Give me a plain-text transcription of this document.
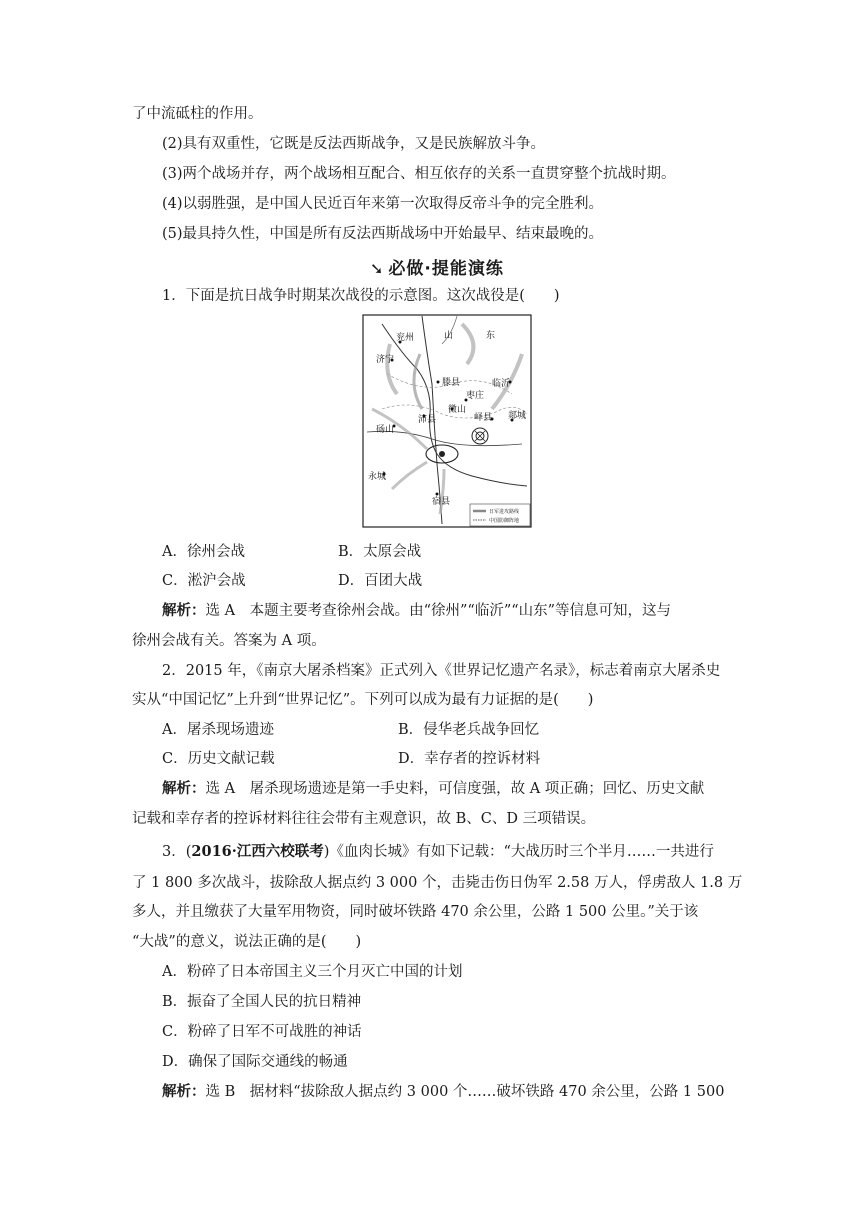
了中流砥柱的作用。
(2)具有双重性，它既是反法西斯战争，又是民族解放斗争。
(3)两个战场并存，两个战场相互配合、相互依存的关系一直贯穿整个抗战时期。
(4)以弱胜强，是中国人民近百年来第一次取得反帝斗争的完全胜利。
(5)最具持久性，中国是所有反法西斯战场中开始最早、结束最晚的。
➘ 必做·提能演练
1．下面是抗日战争时期某次战役的示意图。这次战役是(　　)
兖州	山	东
济宁
滕县	临沂
枣庄
微山
峄县 郯城
沛县
砀山
永城
宿县
日军进攻路线
中国防御阵地
A．徐州会战	B．太原会战
C．淞沪会战	D．百团大战
解析：选 A　本题主要考查徐州会战。由“徐州”“临沂”“山东”等信息可知，这与
徐州会战有关。答案为 A 项。
2．2015 年，《南京大屠杀档案》正式列入《世界记忆遗产名录》，标志着南京大屠杀史
实从“中国记忆”上升到“世界记忆”。下列可以成为最有力证据的是(　　)
A．屠杀现场遗迹	B．侵华老兵战争回忆
C．历史文献记载	D．幸存者的控诉材料
解析：选 A　屠杀现场遗迹是第一手史料，可信度强，故 A 项正确；回忆、历史文献
记载和幸存者的控诉材料往往会带有主观意识，故 B、C、D 三项错误。
3．(2016·江西六校联考)《血肉长城》有如下记载：“大战历时三个半月……一共进行
了 1 800 多次战斗，拔除敌人据点约 3 000 个，击毙击伤日伪军 2.58 万人，俘虏敌人 1.8 万
多人，并且缴获了大量军用物资，同时破坏铁路 470 余公里，公路 1 500 公里。”关于该
“大战”的意义，说法正确的是(　　)
A．粉碎了日本帝国主义三个月灭亡中国的计划
B．振奋了全国人民的抗日精神
C．粉碎了日军不可战胜的神话
D．确保了国际交通线的畅通
解析：选 B　据材料“拔除敌人据点约 3 000 个……破坏铁路 470 余公里，公路 1 500
